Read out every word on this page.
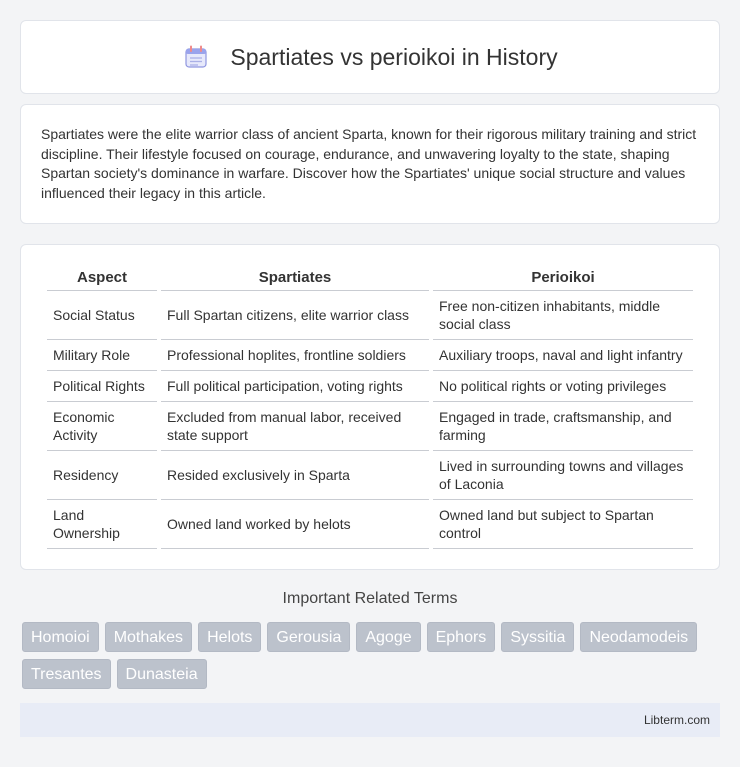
Spartiates vs perioikoi in History

Spartiates were the elite warrior class of ancient Sparta, known for their rigorous military training and strict discipline. Their lifestyle focused on courage, endurance, and unwavering loyalty to the state, shaping Spartan society's dominance in warfare. Discover how the Spartiates' unique social structure and values influenced their legacy in this article.

Aspect	Spartiates	Perioikoi
Social Status	Full Spartan citizens, elite warrior class	Free non-citizen inhabitants, middle social class
Military Role	Professional hoplites, frontline soldiers	Auxiliary troops, naval and light infantry
Political Rights	Full political participation, voting rights	No political rights or voting privileges
Economic Activity	Excluded from manual labor, received state support	Engaged in trade, craftsmanship, and farming
Residency	Resided exclusively in Sparta	Lived in surrounding towns and villages of Laconia
Land Ownership	Owned land worked by helots	Owned land but subject to Spartan control
Important Related Terms
Homoioi	Mothakes	Helots	Gerousia	Agoge	Ephors	Syssitia	Neodamodeis
Tresantes	Dunasteia
Libterm.com
